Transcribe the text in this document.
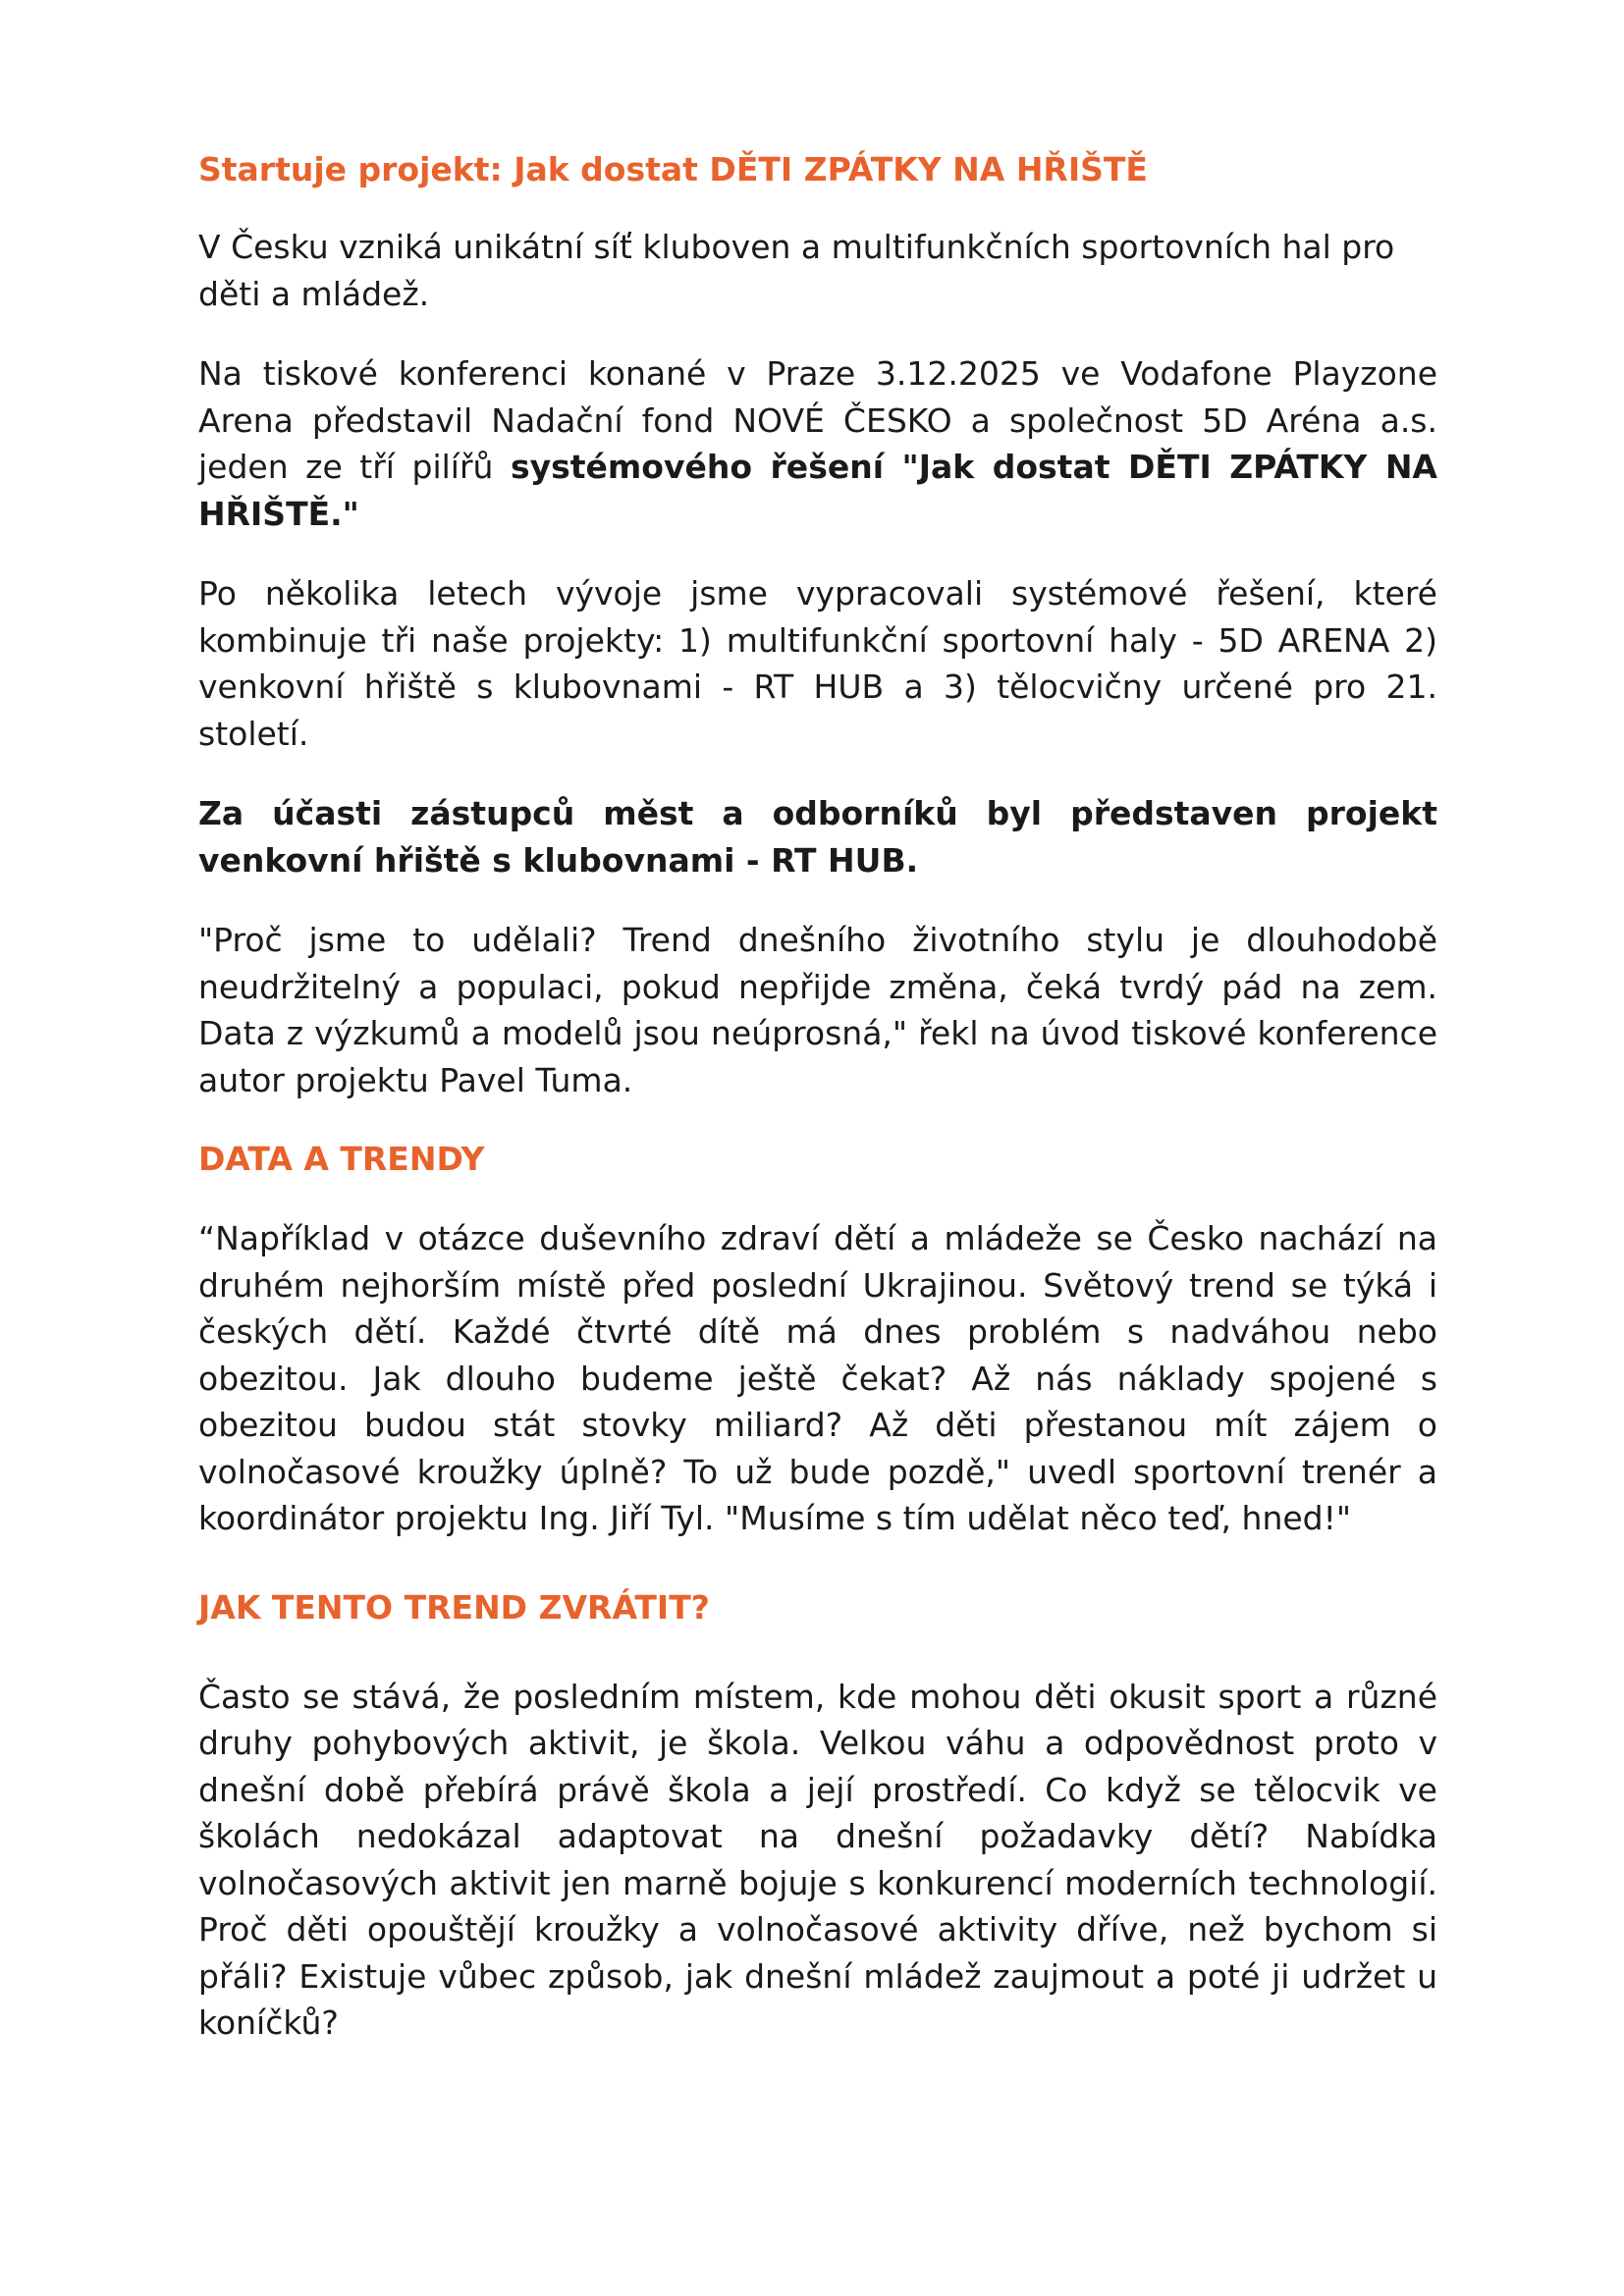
Startuje projekt: Jak dostat DĚTI ZPÁTKY NA HŘIŠTĚ

V Česku vzniká unikátní síť kluboven a multifunkčních sportovních hal pro děti a mládež.

Na tiskové konferenci konané v Praze 3.12.2025 ve Vodafone Playzone Arena představil Nadační fond NOVÉ ČESKO a společnost 5D Aréna a.s. jeden ze tří pilířů systémového řešení "Jak dostat DĚTI ZPÁTKY NA HŘIŠTĚ."

Po několika letech vývoje jsme vypracovali systémové řešení, které kombinuje tři naše projekty: 1) multifunkční sportovní haly - 5D ARENA 2) venkovní hřiště s klubovnami - RT HUB a 3) tělocvičny určené pro 21. století.

Za účasti zástupců měst a odborníků byl představen projekt venkovní hřiště s klubovnami - RT HUB.

"Proč jsme to udělali? Trend dnešního životního stylu je dlouhodobě neudržitelný a populaci, pokud nepřijde změna, čeká tvrdý pád na zem. Data z výzkumů a modelů jsou neúprosná," řekl na úvod tiskové konference autor projektu Pavel Tuma.

DATA A TRENDY

“Například v otázce duševního zdraví dětí a mládeže se Česko nachází na druhém nejhorším místě před poslední Ukrajinou. Světový trend se týká i českých dětí. Každé čtvrté dítě má dnes problém s nadváhou nebo obezitou. Jak dlouho budeme ještě čekat? Až nás náklady spojené s obezitou budou stát stovky miliard? Až děti přestanou mít zájem o volnočasové kroužky úplně? To už bude pozdě," uvedl sportovní trenér a koordinátor projektu Ing. Jiří Tyl. "Musíme s tím udělat něco teď, hned!"

JAK TENTO TREND ZVRÁTIT?

Často se stává, že posledním místem, kde mohou děti okusit sport a různé druhy pohybových aktivit, je škola. Velkou váhu a odpovědnost proto v dnešní době přebírá právě škola a její prostředí. Co když se tělocvik ve školách nedokázal adaptovat na dnešní požadavky dětí? Nabídka volnočasových aktivit jen marně bojuje s konkurencí moderních technologií. Proč děti opouštějí kroužky a volnočasové aktivity dříve, než bychom si přáli? Existuje vůbec způsob, jak dnešní mládež zaujmout a poté ji udržet u koníčků?
